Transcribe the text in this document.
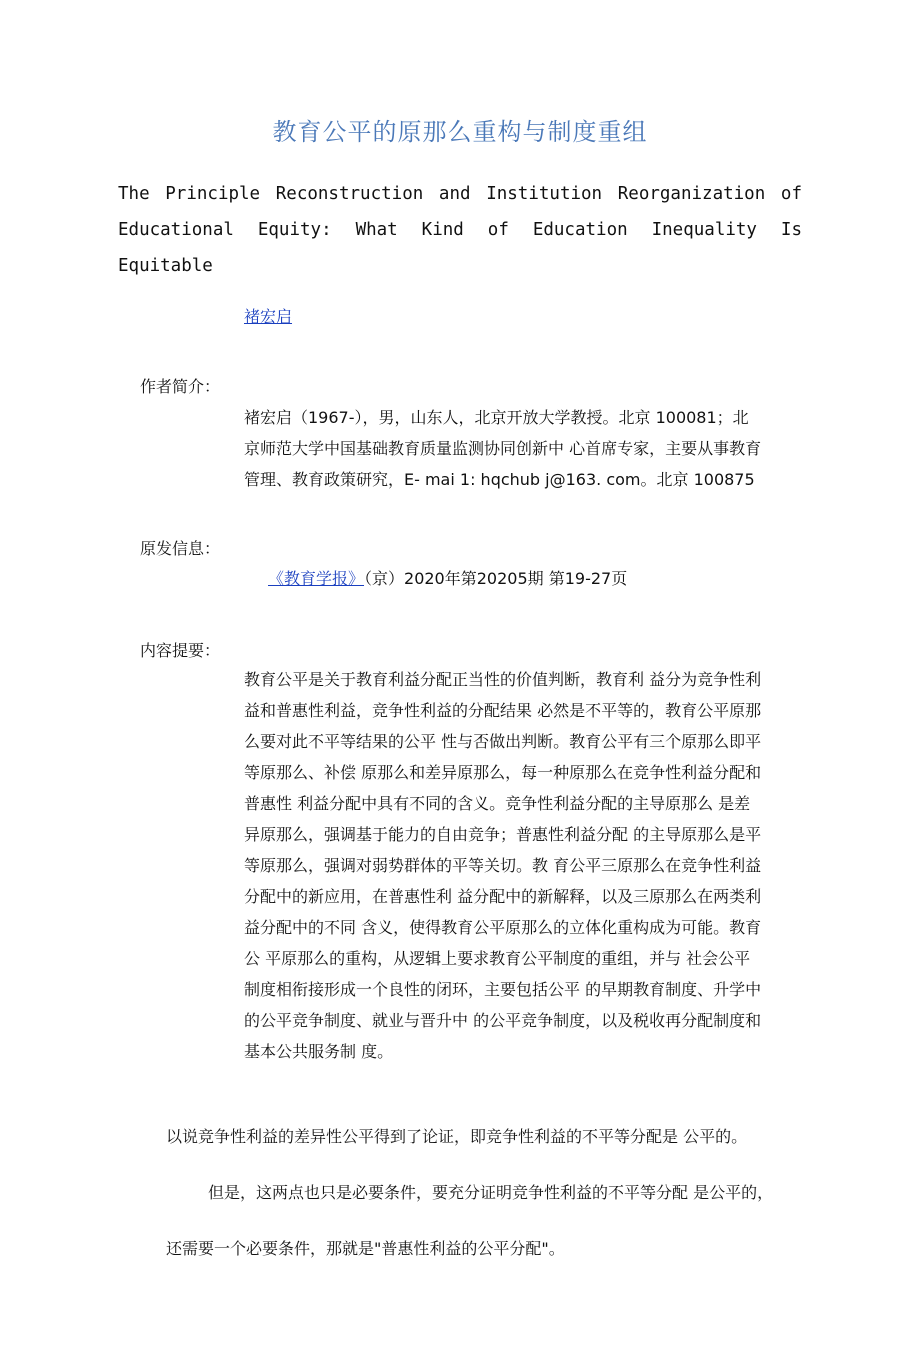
教育公平的原那么重构与制度重组
The Principle Reconstruction and Institution Reorganization of
Educational Equity: What Kind of Education Inequality Is Equitable
褚宏启
作者简介：
褚宏启（1967-），男，山东人，北京开放大学教授。北京 100081；北
京师范大学中国基础教育质量监测协同创新中 心首席专家，主要从事教育
管理、教育政策研究，E- mai 1: hqchub j@163. com。北京 100875
原发信息：
《教育学报》（京）2020年第20205期 第19-27页
内容提要：
教育公平是关于教育利益分配正当性的价值判断，教育利 益分为竞争性利
益和普惠性利益，竞争性利益的分配结果 必然是不平等的，教育公平原那
么要对此不平等结果的公平 性与否做出判断。教育公平有三个原那么即平
等原那么、补偿 原那么和差异原那么，每一种原那么在竞争性利益分配和
普惠性 利益分配中具有不同的含义。竞争性利益分配的主导原那么 是差
异原那么，强调基于能力的自由竞争；普惠性利益分配 的主导原那么是平
等原那么，强调对弱势群体的平等关切。教 育公平三原那么在竞争性利益
分配中的新应用，在普惠性利 益分配中的新解释，以及三原那么在两类利
益分配中的不同 含义，使得教育公平原那么的立体化重构成为可能。教育
公 平原那么的重构，从逻辑上要求教育公平制度的重组，并与 社会公平
制度相衔接形成一个良性的闭环，主要包括公平 的早期教育制度、升学中
的公平竞争制度、就业与晋升中 的公平竞争制度，以及税收再分配制度和
基本公共服务制 度。
以说竞争性利益的差异性公平得到了论证，即竞争性利益的不平等分配是 公平的。
但是，这两点也只是必要条件，要充分证明竞争性利益的不平等分配 是公平的，
还需要一个必要条件，那就是"普惠性利益的公平分配"。
